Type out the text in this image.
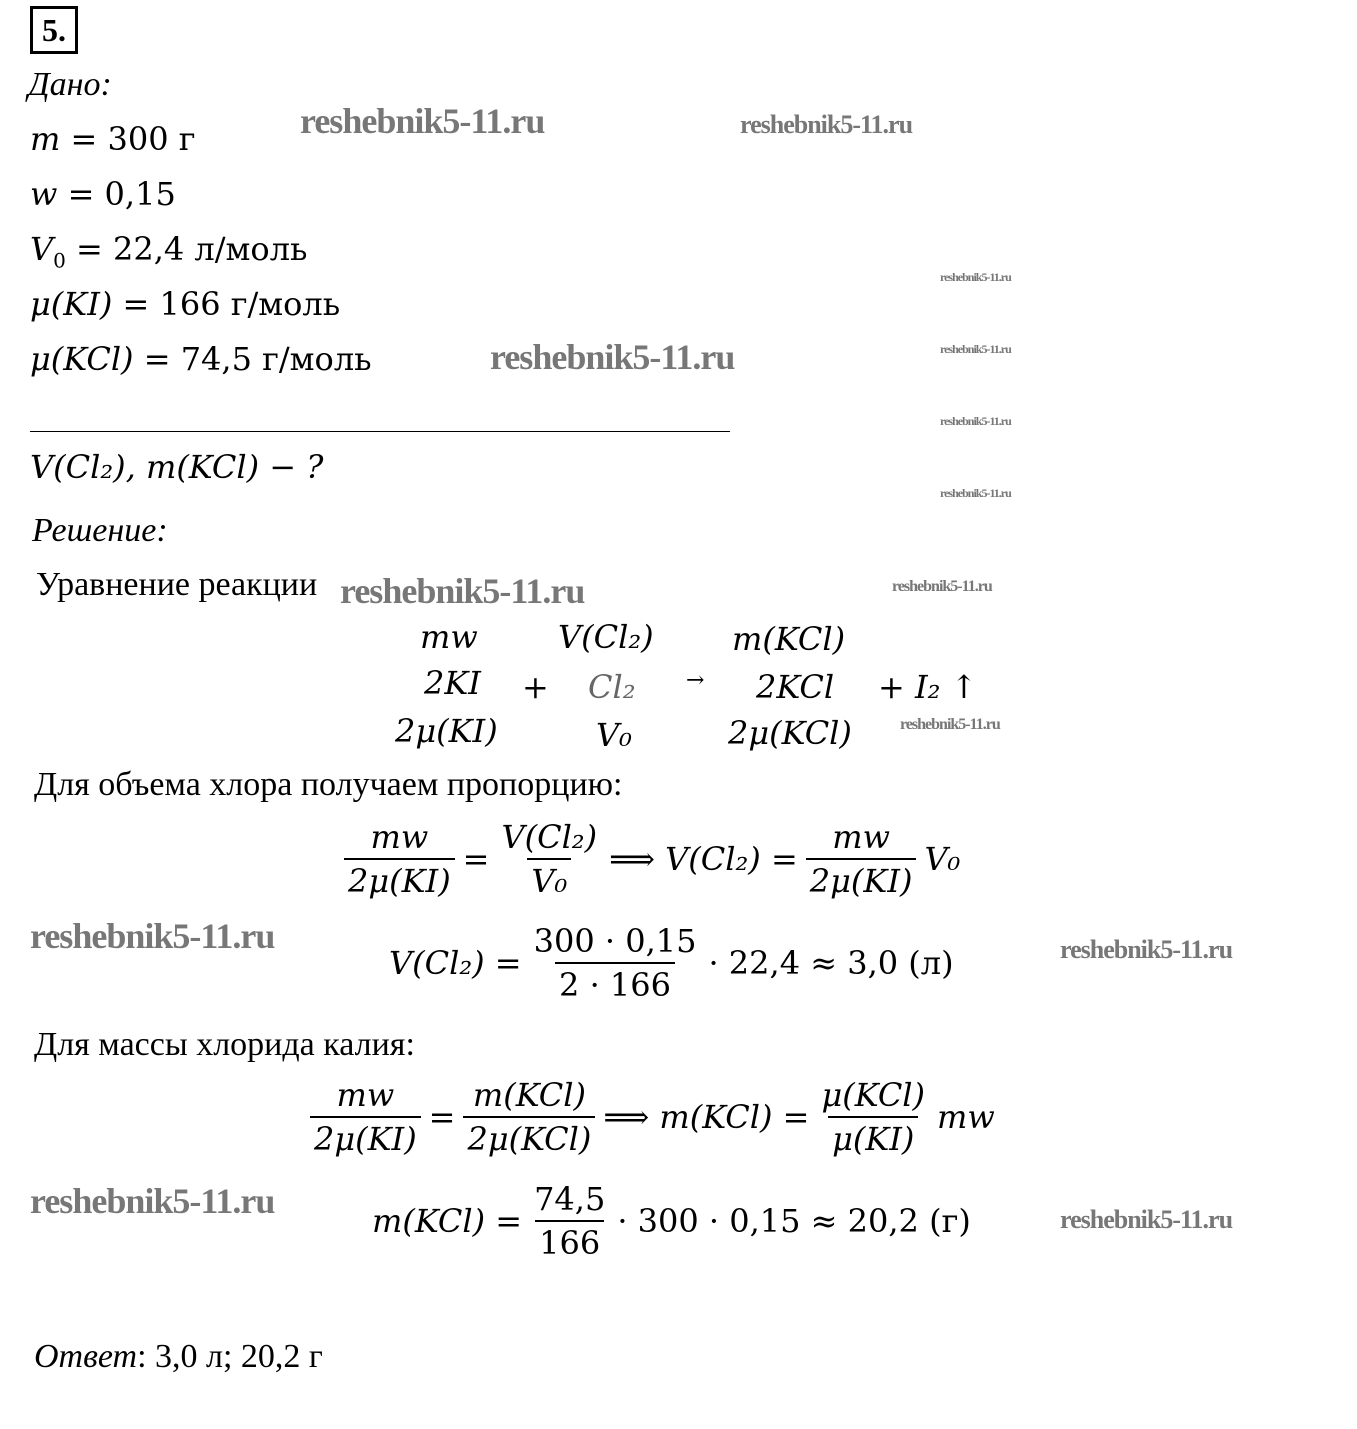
5.
Дано:
m = 300 г
w = 0,15
$V_0 = 22,4$ л/моль
μ(KI) = 166 г/моль
μ(KCl) = 74,5 г/моль
V(Cl₂), m(KCl) − ?
Решение:
Уравнение реакции
mw	V(Cl₂) m(KCl)
2KI + Cl₂ → 2KCl + I₂ ↑
2μ(KI)	V₀	2μ(KCl)
Для объема хлора получаем пропорцию:
$\frac{mw}{2\mu(KI)} = \frac{\text{V(Cl₂)}}{\text{V₀}}$ ⟹ $V(Cl_2) = \frac{mw}{2\mu(KI)} V_0$
$V(Cl_2) = \frac{300 \cdot 0,15}{2 \cdot 166} \cdot 22,4 \approx 3,0$ (л)
Для массы хлорида калия:
$\frac{mw}{2\mu(KI)} = \frac{\text{m(KCl)}}{\text{2μ(KCl)}}$ ⟹ $m(KCl) = \frac{\text{μ(KCl)}}{\mu(KI)}$ mw
$m(KCl) = \frac{74,5}{166} \cdot 300 \cdot 0,15 \approx 20,2$ (г)
Ответ: 3,0 л; 20,2 г
reshebnik5-11.ru	reshebnik5-11.ru
reshebnik5-11.ru
reshebnik5-11.ru
reshebnik5-11.ru
reshebnik5-11.ru
reshebnik5-11.ru
reshebnik5-11.ru	reshebnik5-11.ru
reshebnik5-11.ru
reshebnik5-11.ru	reshebnik5-11.ru
reshebnik5-11.ru	reshebnik5-11.ru
